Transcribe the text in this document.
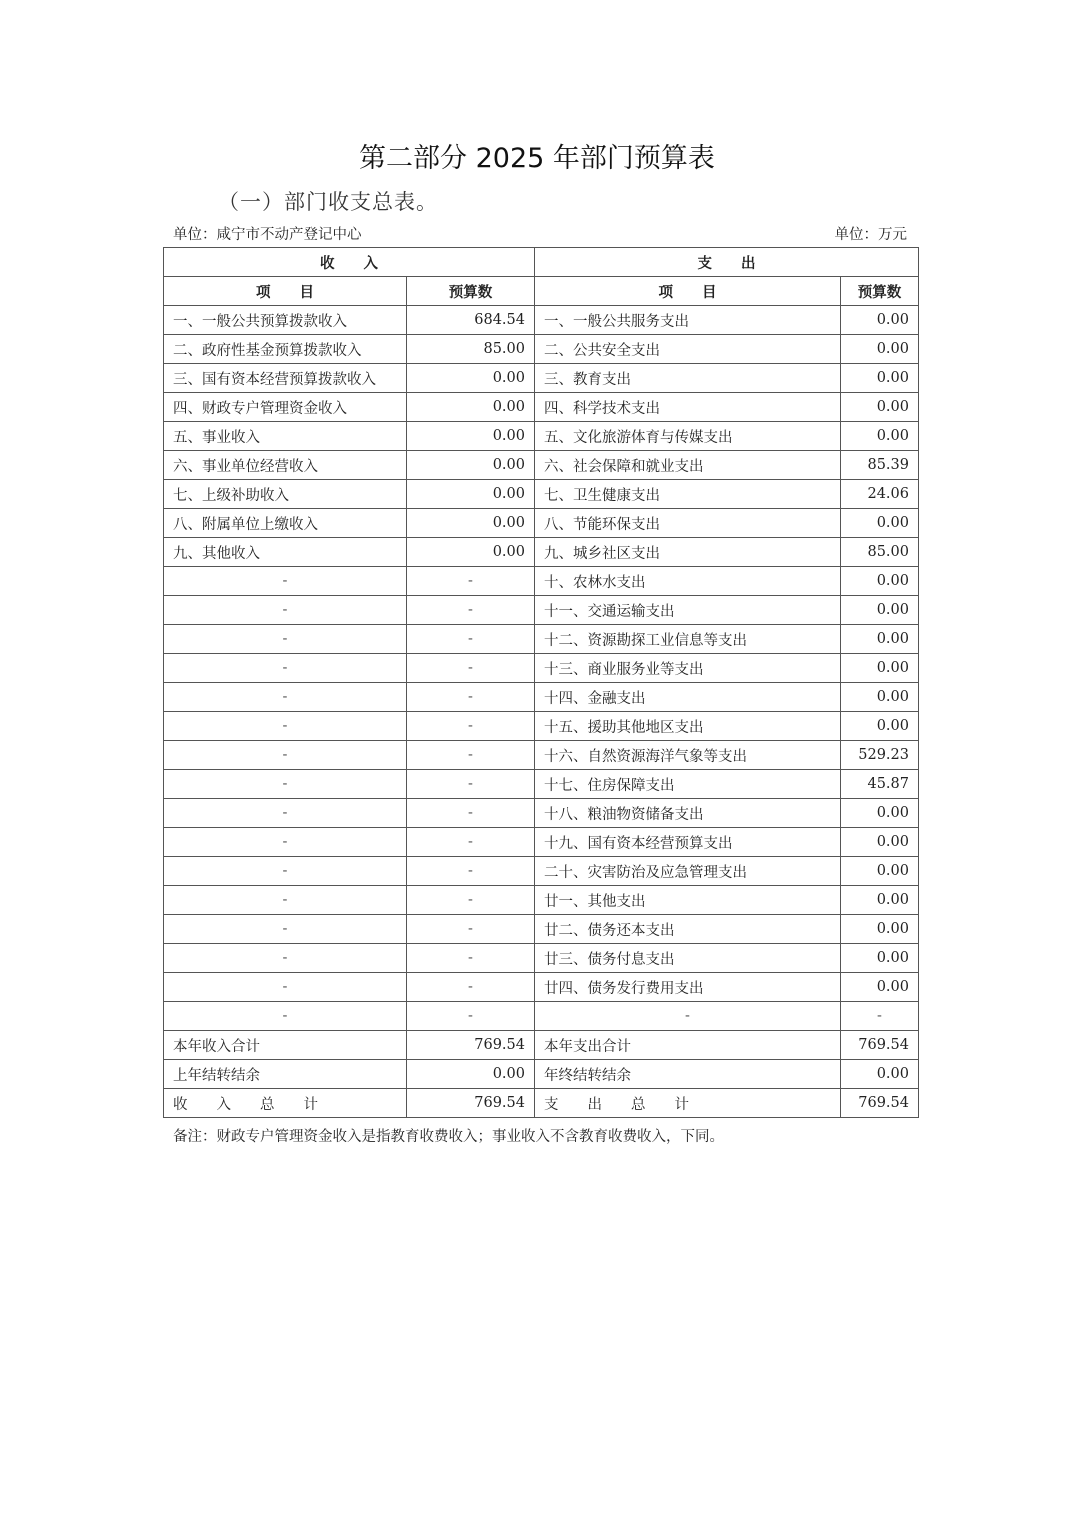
第二部分 2025 年部门预算表
（一）部门收支总表。
单位：咸宁市不动产登记中心	单位：万元
收　　入		支　　出	
项　　目	预算数	项　　目	预算数
一、一般公共预算拨款收入	684.54	一、一般公共服务支出	0.00
二、政府性基金预算拨款收入	85.00	二、公共安全支出	0.00
三、国有资本经营预算拨款收入	0.00	三、教育支出	0.00
四、财政专户管理资金收入	0.00	四、科学技术支出	0.00
五、事业收入	0.00	五、文化旅游体育与传媒支出	0.00
六、事业单位经营收入	0.00	六、社会保障和就业支出	85.39
七、上级补助收入	0.00	七、卫生健康支出	24.06
八、附属单位上缴收入	0.00	八、节能环保支出	0.00
九、其他收入	0.00	九、城乡社区支出	85.00
-	-	十、农林水支出	0.00
-	-	十一、交通运输支出	0.00
-	-	十二、资源勘探工业信息等支出	0.00
-	-	十三、商业服务业等支出	0.00
-	-	十四、金融支出	0.00
-	-	十五、援助其他地区支出	0.00
-	-	十六、自然资源海洋气象等支出	529.23
-	-	十七、住房保障支出	45.87
-	-	十八、粮油物资储备支出	0.00
-	-	十九、国有资本经营预算支出	0.00
-	-	二十、灾害防治及应急管理支出	0.00
-	-	廿一、其他支出	0.00
-	-	廿二、债务还本支出	0.00
-	-	廿三、债务付息支出	0.00
-	-	廿四、债务发行费用支出	0.00
-	-	-	-
本年收入合计	769.54	本年支出合计	769.54
上年结转结余	0.00	年终结转结余	0.00
收　　入　　总　　计	769.54	支　　出　　总　　计	769.54
备注：财政专户管理资金收入是指教育收费收入；事业收入不含教育收费收入，下同。
